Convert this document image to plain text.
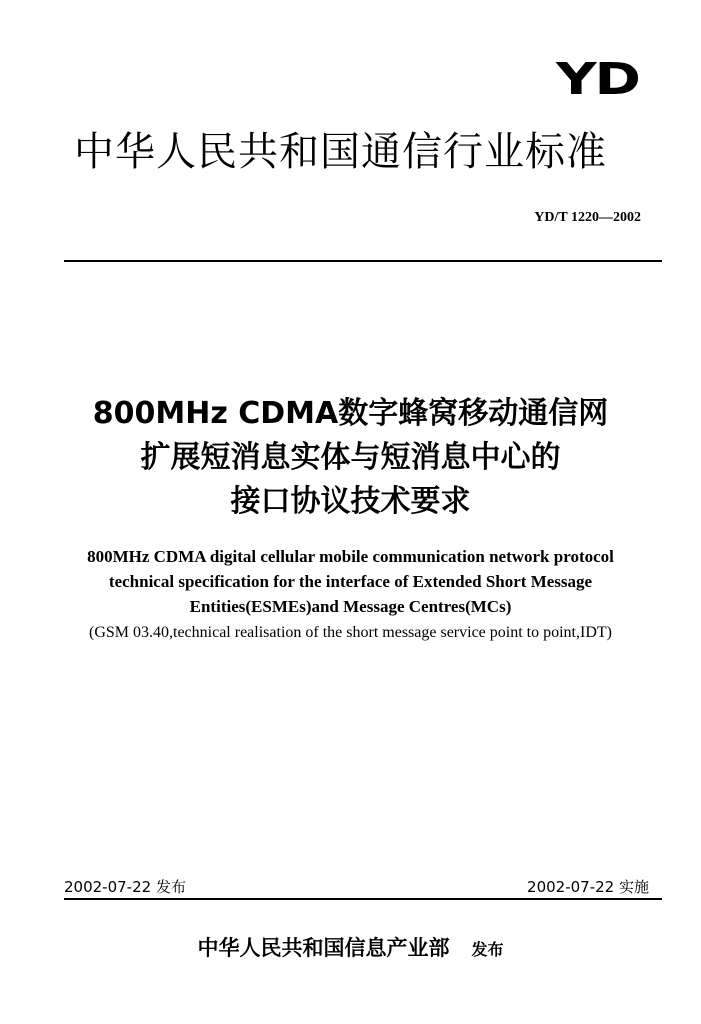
YD
中华人民共和国通信行业标准
YD/T 1220—2002
800MHz CDMA数字蜂窝移动通信网
扩展短消息实体与短消息中心的
接口协议技术要求
800MHz CDMA digital cellular mobile communication network protocol
technical specification for the interface of Extended Short Message
Entities(ESMEs)and Message Centres(MCs)
(GSM 03.40,technical realisation of the short message service point to point,IDT)
2002-07-22 发布	2002-07-22 实施
中华人民共和国信息产业部 发布
